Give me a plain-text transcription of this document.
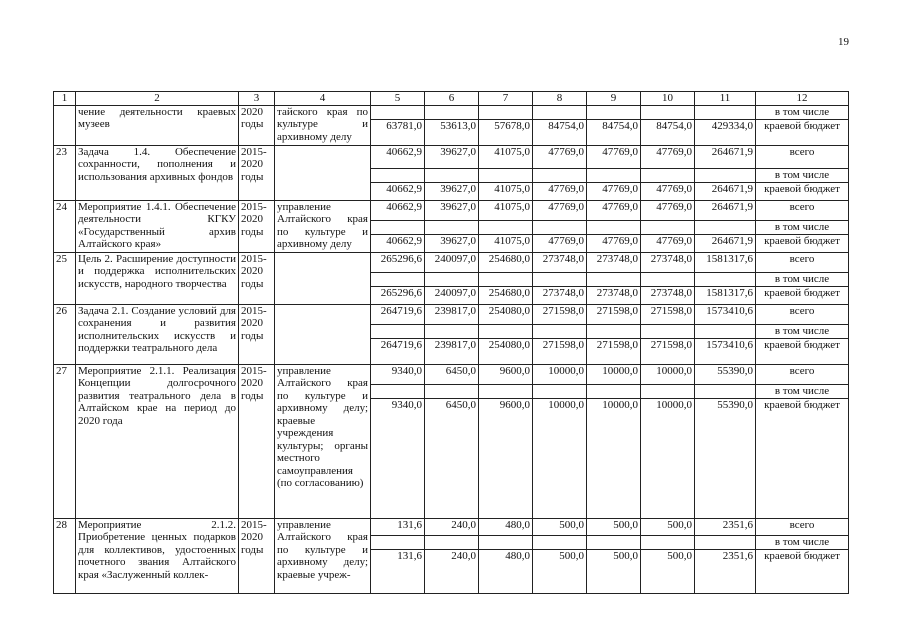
19
1	2	3	4	5	6	7	8	9	10	11	12
	чение деятельности краевых музеев	2020 годы	тайского края по культуре и архивному делу								в том числе
				63781,0	53613,0	57678,0	84754,0	84754,0	84754,0	429334,0	краевой бюджет
23	Задача 1.4. Обеспечение сохранности, пополнения и использования архивных фондов	2015-2020 годы		40662,9	39627,0	41075,0	47769,0	47769,0	47769,0	264671,9	всего
											в том числе
				40662,9	39627,0	41075,0	47769,0	47769,0	47769,0	264671,9	краевой бюджет
24	Мероприятие 1.4.1. Обеспечение деятельности КГКУ «Государственный архив Алтайского края»	2015-2020 годы	управление Алтайского края по культуре и архивному делу	40662,9	39627,0	41075,0	47769,0	47769,0	47769,0	264671,9	всего
											в том числе
				40662,9	39627,0	41075,0	47769,0	47769,0	47769,0	264671,9	краевой бюджет
25	Цель 2. Расширение доступности и поддержка исполнительских искусств, народного творчества	2015-2020 годы		265296,6	240097,0	254680,0	273748,0	273748,0	273748,0	1581317,6	всего
											в том числе
				265296,6	240097,0	254680,0	273748,0	273748,0	273748,0	1581317,6	краевой бюджет
26	Задача 2.1. Создание условий для сохранения и развития исполнительских искусств и поддержки театрального дела	2015-2020 годы		264719,6	239817,0	254080,0	271598,0	271598,0	271598,0	1573410,6	всего
											в том числе
				264719,6	239817,0	254080,0	271598,0	271598,0	271598,0	1573410,6	краевой бюджет
27	Мероприятие 2.1.1. Реализация Концепции долгосрочного развития театрального дела в Алтайском крае на период до 2020 года	2015-2020 годы	управление Алтайского края по культуре и архивному делу; краевые учреждения культуры; органы местного самоуправления (по согласованию)	9340,0	6450,0	9600,0	10000,0	10000,0	10000,0	55390,0	всего
											в том числе
				9340,0	6450,0	9600,0	10000,0	10000,0	10000,0	55390,0	краевой бюджет
28	Мероприятие 2.1.2. Приобретение ценных подарков для коллективов, удостоенных почетного звания Алтайского края «Заслуженный коллек-	2015-2020 годы	управление Алтайского края по культуре и архивному делу; краевые учреж-	131,6	240,0	480,0	500,0	500,0	500,0	2351,6	всего
											в том числе
				131,6	240,0	480,0	500,0	500,0	500,0	2351,6	краевой бюджет
